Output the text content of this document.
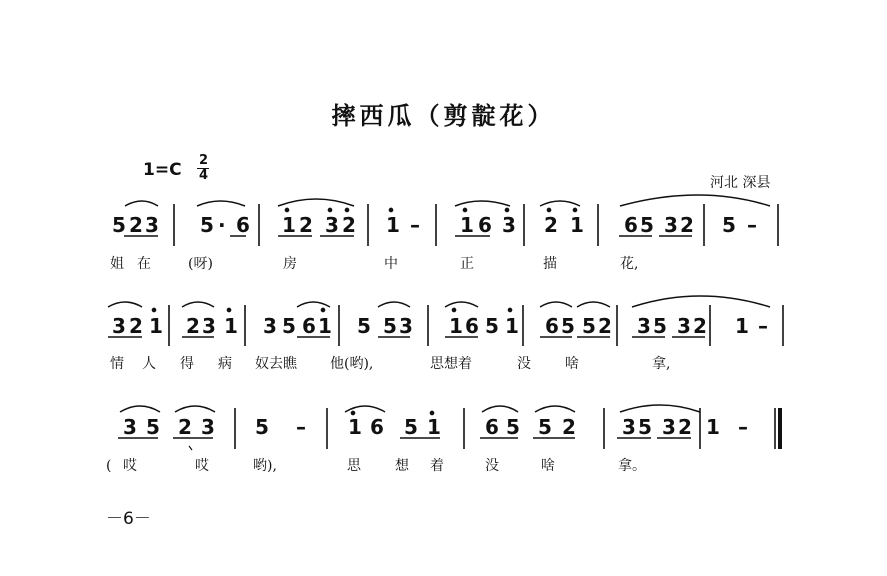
摔西瓜（剪靛花）
1=C 2
4	河北 深县
－6－
5 2 3 5 · 6 1 2 3 2 1 – 1 6 3 2 1 6 5 3 2 5 –
3 2 1 2 3 1 3 5 6 1 5 5 3 1 6 5 1 6 5 5 2 3 5 3 2 1 –
3 5 2 3 5 – 1 6 5 1 6 5 5 2 3 5 3 2 1 –
姐 在	(呀)	房	中	正	描	花,
情 人 得 病 奴去瞧 他(哟),	思想着	没 啥	拿,
( 哎	哎	哟),	思 想 着	没	啥	拿。
